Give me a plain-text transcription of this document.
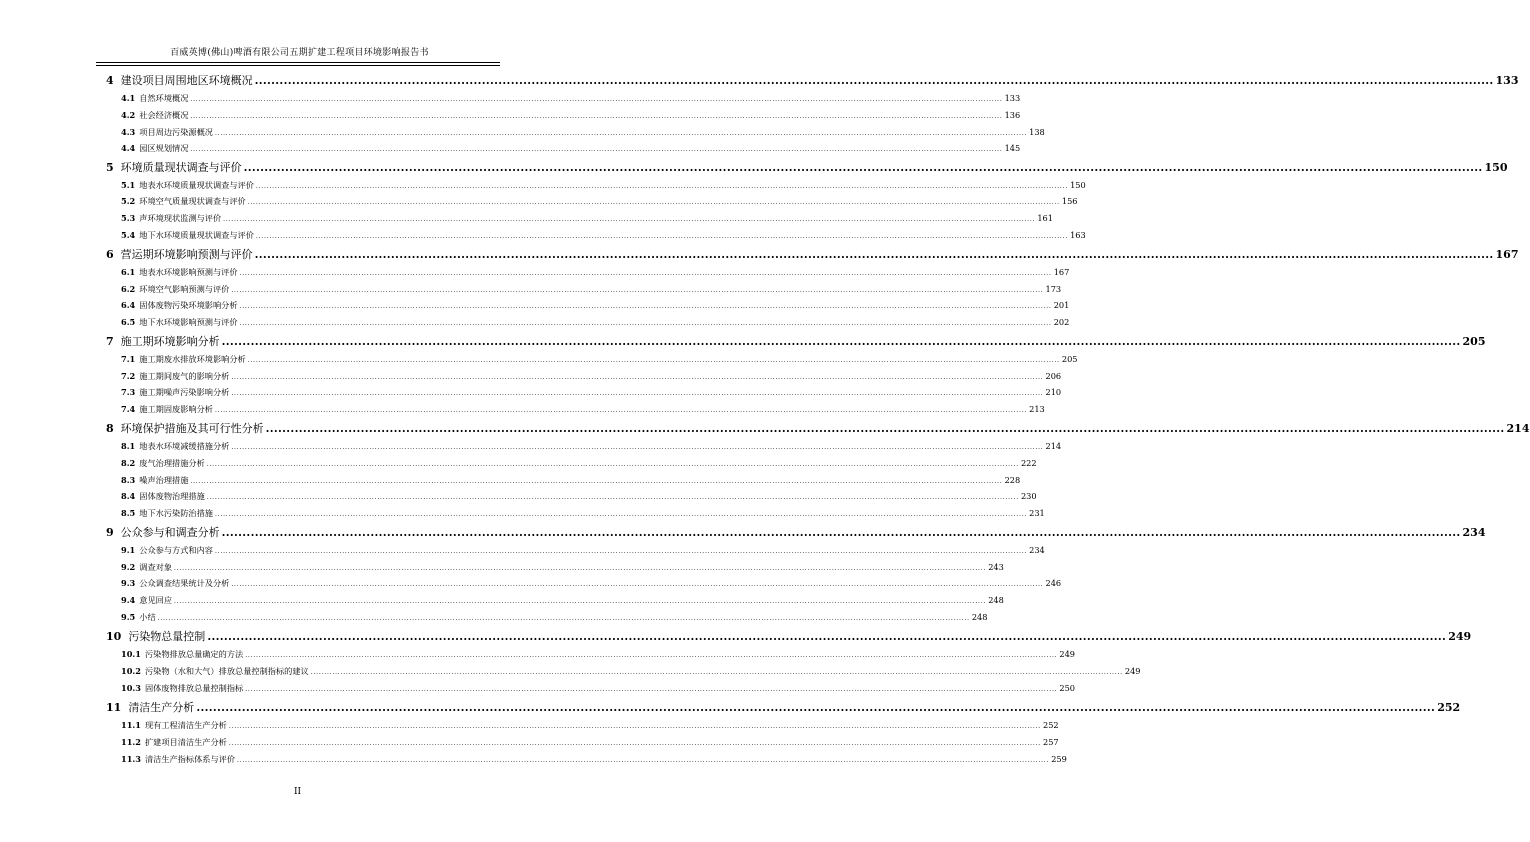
百威英博(佛山)啤酒有限公司五期扩建工程项目环境影响报告书
4 建设项目周围地区环境概况 ............................................................................................................................................................................................................................................................................................................ 133
4.1 自然环境概况 ............................................................................................................................................................................................................................................................................................................ 133
4.2 社会经济概况 ............................................................................................................................................................................................................................................................................................................ 136
4.3 项目周边污染源概况 ............................................................................................................................................................................................................................................................................................................ 138
4.4 园区规划情况 ............................................................................................................................................................................................................................................................................................................ 145
5 环境质量现状调查与评价 ............................................................................................................................................................................................................................................................................................................ 150
5.1 地表水环境质量现状调查与评价 ............................................................................................................................................................................................................................................................................................................ 150
5.2 环境空气质量现状调查与评价 ............................................................................................................................................................................................................................................................................................................ 156
5.3 声环境现状监测与评价 ............................................................................................................................................................................................................................................................................................................ 161
5.4 地下水环境质量现状调查与评价 ............................................................................................................................................................................................................................................................................................................ 163
6 营运期环境影响预测与评价 ............................................................................................................................................................................................................................................................................................................ 167
6.1 地表水环境影响预测与评价 ............................................................................................................................................................................................................................................................................................................ 167
6.2 环境空气影响预测与评价 ............................................................................................................................................................................................................................................................................................................ 173
6.4 固体废物污染环境影响分析 ............................................................................................................................................................................................................................................................................................................ 201
6.5 地下水环境影响预测与评价 ............................................................................................................................................................................................................................................................................................................ 202
7 施工期环境影响分析 ............................................................................................................................................................................................................................................................................................................ 205
7.1 施工期废水排放环境影响分析 ............................................................................................................................................................................................................................................................................................................ 205
7.2 施工期间废气的影响分析 ............................................................................................................................................................................................................................................................................................................ 206
7.3 施工期噪声污染影响分析 ............................................................................................................................................................................................................................................................................................................ 210
7.4 施工期固废影响分析 ............................................................................................................................................................................................................................................................................................................ 213
8 环境保护措施及其可行性分析 ............................................................................................................................................................................................................................................................................................................ 214
8.1 地表水环境减缓措施分析 ............................................................................................................................................................................................................................................................................................................ 214
8.2 废气治理措施分析 ............................................................................................................................................................................................................................................................................................................ 222
8.3 噪声治理措施 ............................................................................................................................................................................................................................................................................................................ 228
8.4 固体废物治理措施 ............................................................................................................................................................................................................................................................................................................ 230
8.5 地下水污染防治措施 ............................................................................................................................................................................................................................................................................................................ 231
9 公众参与和调查分析 ............................................................................................................................................................................................................................................................................................................ 234
9.1 公众参与方式和内容 ............................................................................................................................................................................................................................................................................................................ 234
9.2 调查对象 ............................................................................................................................................................................................................................................................................................................ 243
9.3 公众调查结果统计及分析 ............................................................................................................................................................................................................................................................................................................ 246
9.4 意见回应 ............................................................................................................................................................................................................................................................................................................ 248
9.5 小结 ............................................................................................................................................................................................................................................................................................................ 248
10 污染物总量控制 ............................................................................................................................................................................................................................................................................................................ 249
10.1 污染物排放总量确定的方法 ............................................................................................................................................................................................................................................................................................................ 249
10.2 污染物（水和大气）排放总量控制指标的建议 ............................................................................................................................................................................................................................................................................................................ 249
10.3 固体废物排放总量控制指标 ............................................................................................................................................................................................................................................................................................................ 250
11 清洁生产分析 ............................................................................................................................................................................................................................................................................................................ 252
11.1 现有工程清洁生产分析 ............................................................................................................................................................................................................................................................................................................ 252
11.2 扩建项目清洁生产分析 ............................................................................................................................................................................................................................................................................................................ 257
11.3 清洁生产指标体系与评价 ............................................................................................................................................................................................................................................................................................................ 259
II
